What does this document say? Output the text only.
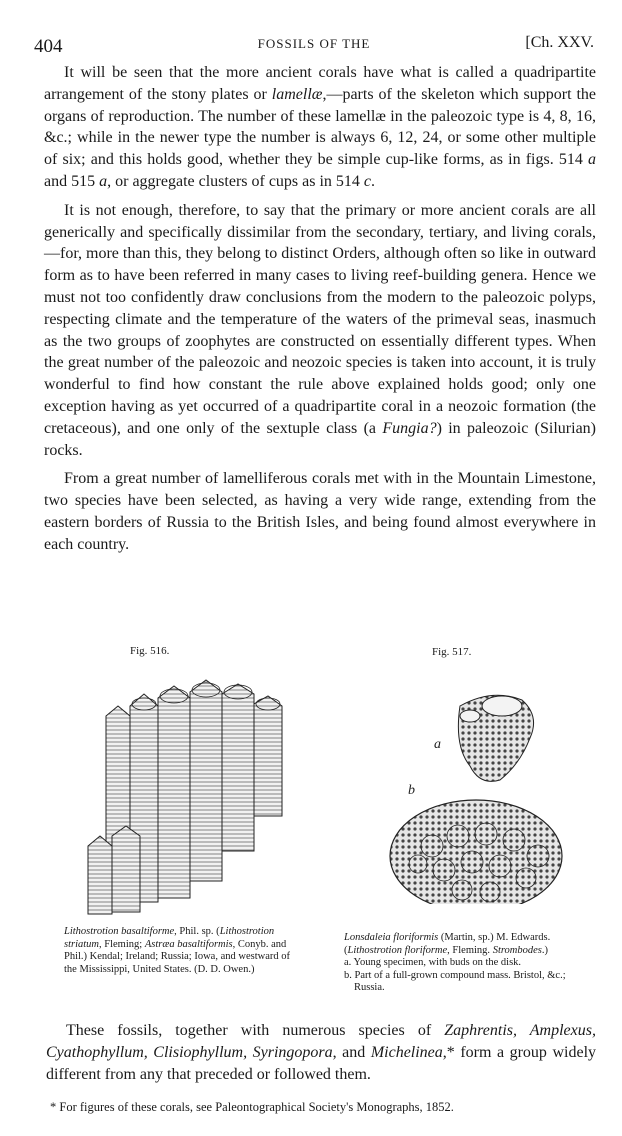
404	FOSSILS OF THE	[Ch. XXV.

It will be seen that the more ancient corals have what is called a quadripartite arrangement of the stony plates or lamellæ,—parts of the skeleton which support the organs of reproduction. The number of these lamellæ in the paleozoic type is 4, 8, 16, &c.; while in the newer type the number is always 6, 12, 24, or some other multiple of six; and this holds good, whether they be simple cup-like forms, as in figs. 514 a and 515 a, or aggregate clusters of cups as in 514 c.

It is not enough, therefore, to say that the primary or more ancient corals are all generically and specifically dissimilar from the secondary, tertiary, and living corals,—for, more than this, they belong to distinct Orders, although often so like in outward form as to have been referred in many cases to living reef-building genera. Hence we must not too confidently draw conclusions from the modern to the paleozoic polyps, respecting climate and the temperature of the waters of the primeval seas, inasmuch as the two groups of zoophytes are constructed on essentially different types. When the great number of the paleozoic and neozoic species is taken into account, it is truly wonderful to find how constant the rule above explained holds good; only one exception having as yet occurred of a quadripartite coral in a neozoic formation (the cretaceous), and one only of the sextuple class (a Fungia?) in paleozoic (Silurian) rocks.

From a great number of lamelliferous corals met with in the Mountain Limestone, two species have been selected, as having a very wide range, extending from the eastern borders of Russia to the British Isles, and being found almost everywhere in each country.

Fig. 516.	Fig. 517.
a
b
Lithostrotion basaltiforme, Phil. sp. (Lithostrotion striatum, Fleming; Astræa basaltiformis, Conyb. and Phil.) Kendal; Ireland; Russia; Iowa, and westward of the Mississippi, United States. (D. D. Owen.)
Lonsdaleia floriformis (Martin, sp.) M. Edwards. (Lithostrotion floriforme, Fleming. Strombodes.)
a. Young specimen, with buds on the disk.
b. Part of a full-grown compound mass. Bristol, &c.; Russia.

These fossils, together with numerous species of Zaphrentis, Amplexus, Cyathophyllum, Clisiophyllum, Syringopora, and Michelinea,* form a group widely different from any that preceded or followed them.

* For figures of these corals, see Paleontographical Society's Monographs, 1852.
